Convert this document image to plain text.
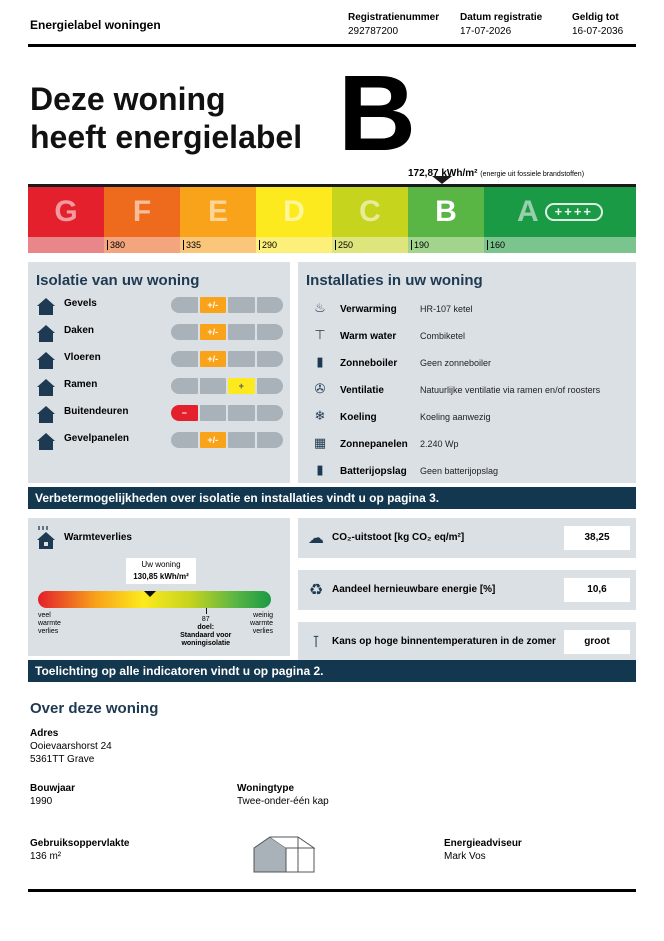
Energielabel woningen
Registratienummer
292787200
Datum registratie
17-07-2026
Geldig tot
16-07-2036
Deze woning
heeft energielabel B
172,87 kWh/m² (energie uit fossiele brandstoffen)
G	F
380
E
335
D
290
C
250
B
190
A	++++
160
Isolatie van uw woning
Gevels	+/-
Daken	+/-
Vloeren	+/-
Ramen	+
Buitendeuren	−
Gevelpanelen	+/-
Installaties in uw woning
♨ Verwarming	HR-107 ketel
⊤ Warm water	Combiketel
▮	Zonneboiler	Geen zonneboiler
✇ Ventilatie	Natuurlijke ventilatie via ramen en/of roosters
❄ Koeling	Koeling aanwezig
▦ Zonnepanelen 2.240 Wp
▮	Batterijopslag Geen batterijopslag
Verbetermogelijkheden over isolatie en installaties vindt u op pagina 3.
Warmteverlies
Uw woning
130,85 kWh/m²
veel
warmte
verlies
weinig
warmte
verlies
87
doel:
Standaard voor
woningisolatie
☁ CO₂-uitstoot [kg CO₂ eq/m²]	38,25
♻ Aandeel hernieuwbare energie [%]	10,6
⊺	Kans op hoge binnentemperaturen in de zomer	groot
Toelichting op alle indicatoren vindt u op pagina 2.
Over deze woning
Adres
Ooievaarshorst 24
5361TT Grave
Bouwjaar
1990
Woningtype
Twee-onder-één kap
Gebruiksoppervlakte
136 m²
Energieadviseur
Mark Vos
